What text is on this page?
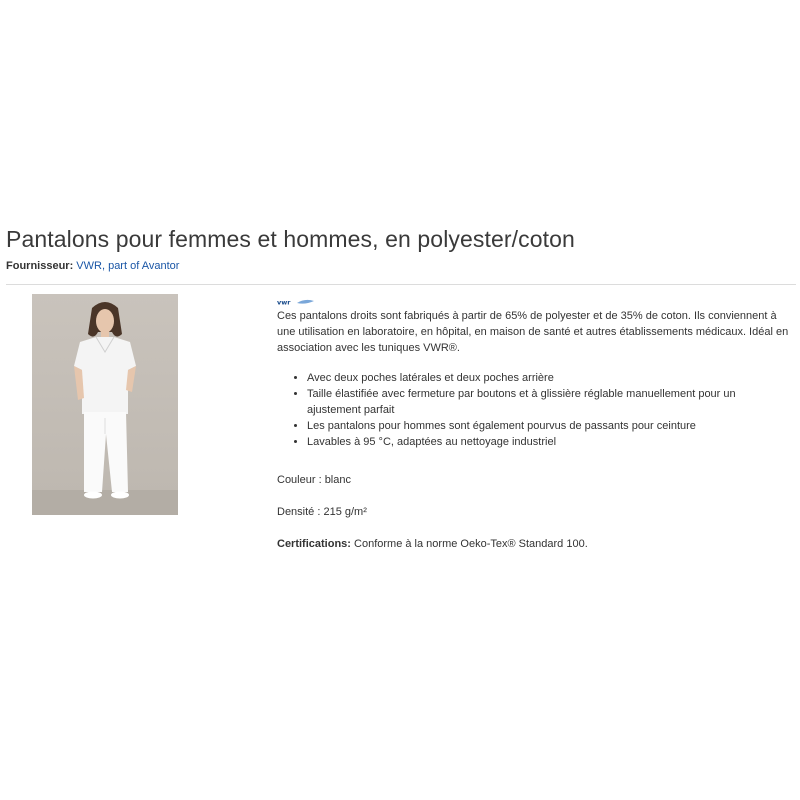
Pantalons pour femmes et hommes, en polyester/coton
Fournisseur: VWR, part of Avantor
vwr

Ces pantalons droits sont fabriqués à partir de 65% de polyester et de 35% de coton. Ils conviennent à une utilisation en laboratoire, en hôpital, en maison de santé et autres établissements médicaux. Idéal en association avec les tuniques VWR®.

• Avec deux poches latérales et deux poches arrière
• Taille élastifiée avec fermeture par boutons et à glissière réglable manuellement pour un ajustement parfait
• Les pantalons pour hommes sont également pourvus de passants pour ceinture
• Lavables à 95 °C, adaptées au nettoyage industriel

Couleur : blanc

Densité : 215 g/m²

Certifications: Conforme à la norme Oeko-Tex® Standard 100.
